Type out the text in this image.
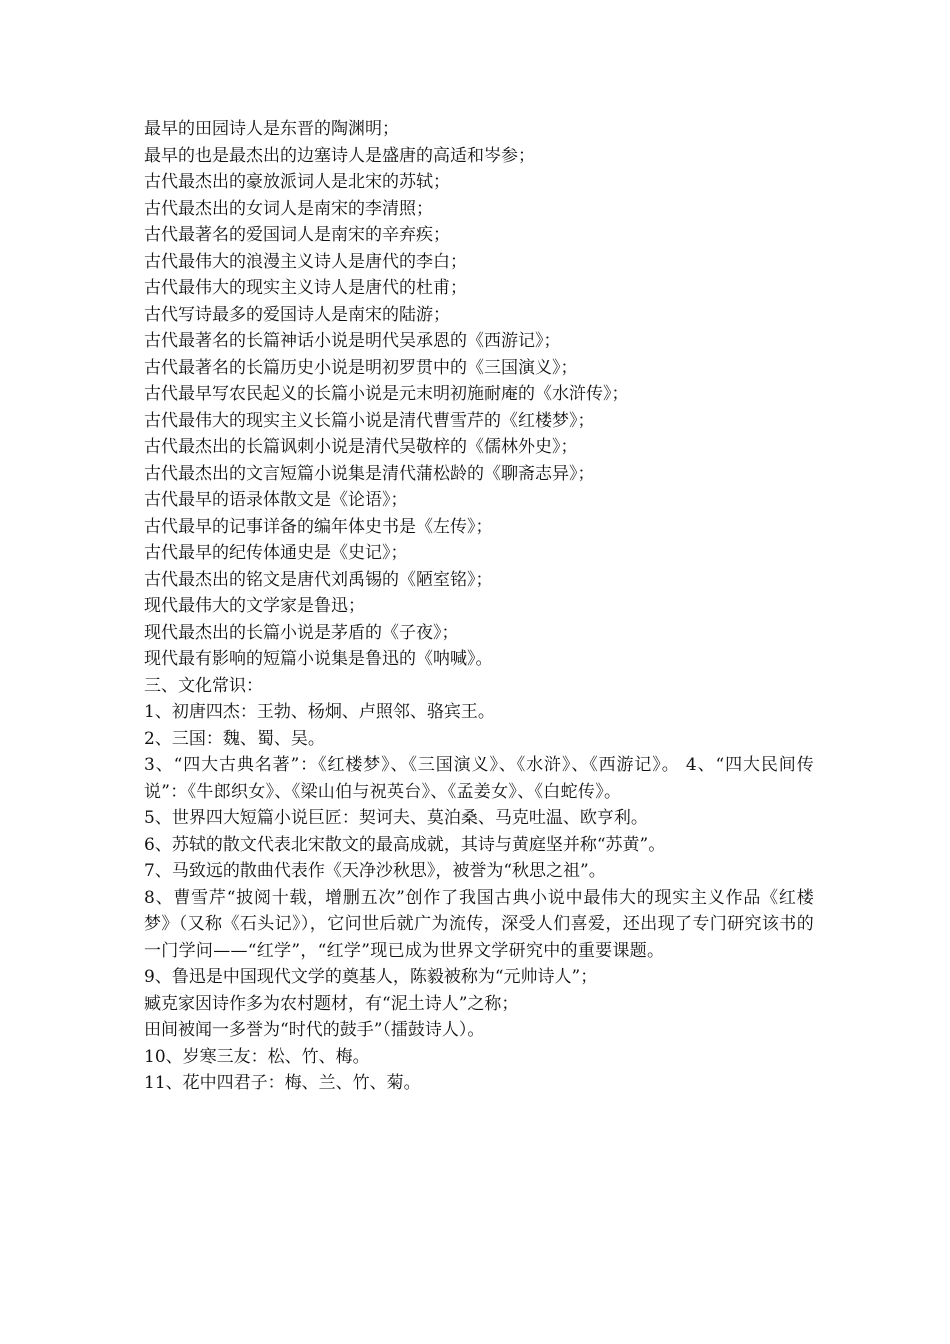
最早的田园诗人是东晋的陶渊明；

最早的也是最杰出的边塞诗人是盛唐的高适和岑参；

古代最杰出的豪放派词人是北宋的苏轼；

古代最杰出的女词人是南宋的李清照；

古代最著名的爱国词人是南宋的辛弃疾；

古代最伟大的浪漫主义诗人是唐代的李白；

古代最伟大的现实主义诗人是唐代的杜甫；

古代写诗最多的爱国诗人是南宋的陆游；

古代最著名的长篇神话小说是明代吴承恩的《西游记》；

古代最著名的长篇历史小说是明初罗贯中的《三国演义》；

古代最早写农民起义的长篇小说是元末明初施耐庵的《水浒传》；

古代最伟大的现实主义长篇小说是清代曹雪芹的《红楼梦》；

古代最杰出的长篇讽刺小说是清代吴敬梓的《儒林外史》；

古代最杰出的文言短篇小说集是清代蒲松龄的《聊斋志异》；

古代最早的语录体散文是《论语》；

古代最早的记事详备的编年体史书是《左传》；

古代最早的纪传体通史是《史记》；

古代最杰出的铭文是唐代刘禹锡的《陋室铭》；

现代最伟大的文学家是鲁迅；

现代最杰出的长篇小说是茅盾的《子夜》；

现代最有影响的短篇小说集是鲁迅的《呐喊》。

三、文化常识：

1、初唐四杰：王勃、杨炯、卢照邻、骆宾王。

2、三国：魏、蜀、吴。

3、“四大古典名著”：《红楼梦》、《三国演义》、《水浒》、《西游记》。 4、“四大民间传说”：《牛郎织女》、《梁山伯与祝英台》、《孟姜女》、《白蛇传》。

5、世界四大短篇小说巨匠：契诃夫、莫泊桑、马克吐温、欧亨利。

6、苏轼的散文代表北宋散文的最高成就，其诗与黄庭坚并称“苏黄”。

7、马致远的散曲代表作《天净沙秋思》，被誉为“秋思之祖”。

8、曹雪芹“披阅十载，增删五次”创作了我国古典小说中最伟大的现实主义作品《红楼梦》（又称《石头记》），它问世后就广为流传，深受人们喜爱，还出现了专门研究该书的一门学问——“红学”，“红学”现已成为世界文学研究中的重要课题。

9、鲁迅是中国现代文学的奠基人，陈毅被称为“元帅诗人”；

臧克家因诗作多为农村题材，有“泥土诗人”之称；

田间被闻一多誉为“时代的鼓手”（擂鼓诗人）。

10、岁寒三友：松、竹、梅。

11、花中四君子：梅、兰、竹、菊。
